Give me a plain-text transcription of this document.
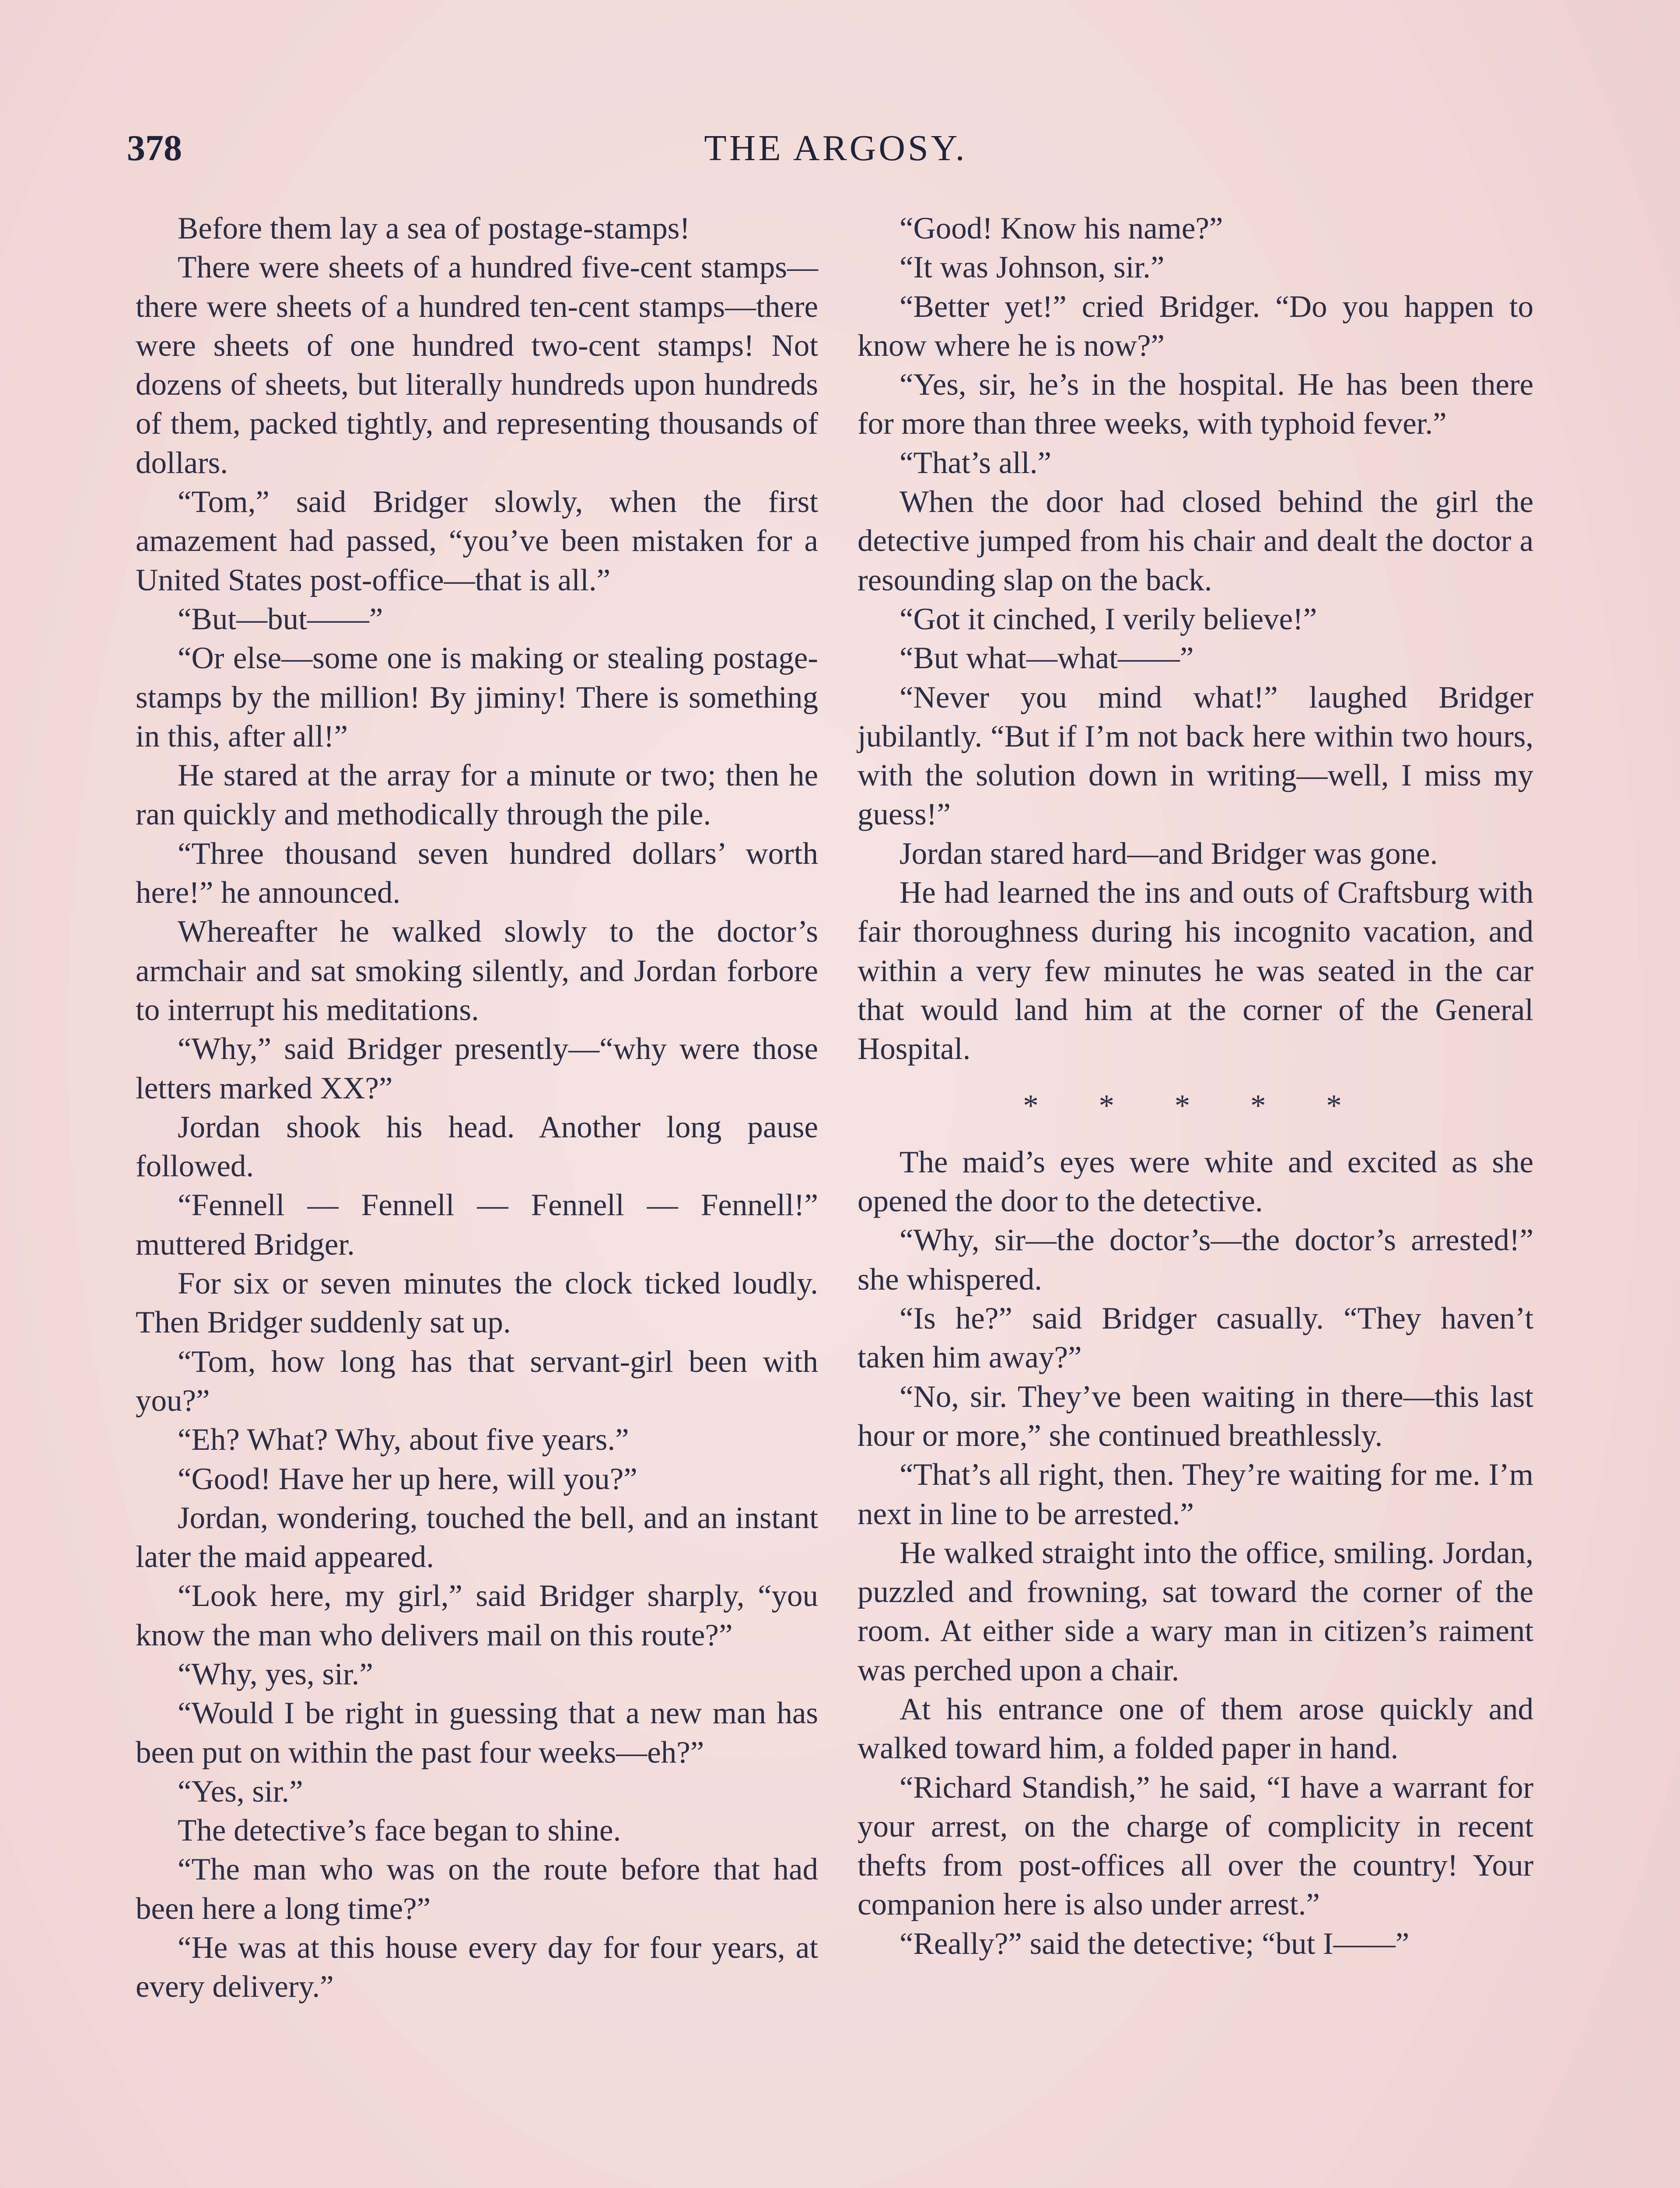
378	THE ARGOSY.

Before them lay a sea of postage-stamps!

There were sheets of a hundred five-cent stamps—there were sheets of a hundred ten-cent stamps—there were sheets of one hundred two-cent stamps! Not dozens of sheets, but literally hundreds upon hundreds of them, packed tightly, and representing thousands of dollars.

“Tom,” said Bridger slowly, when the first amazement had passed, “you’ve been mistaken for a United States post-office—that is all.”

“But—but——”

“Or else—some one is making or stealing postage-stamps by the million! By jiminy! There is something in this, after all!”

He stared at the array for a minute or two; then he ran quickly and methodically through the pile.

“Three thousand seven hundred dollars’ worth here!” he announced.

Whereafter he walked slowly to the doctor’s armchair and sat smoking silently, and Jordan forbore to interrupt his meditations.

“Why,” said Bridger presently—“why were those letters marked XX?”

Jordan shook his head. Another long pause followed.

“Fennell — Fennell — Fennell — Fennell!” muttered Bridger.

For six or seven minutes the clock ticked loudly. Then Bridger suddenly sat up.

“Tom, how long has that servant-girl been with you?”

“Eh? What? Why, about five years.”

“Good! Have her up here, will you?”

Jordan, wondering, touched the bell, and an instant later the maid appeared.

“Look here, my girl,” said Bridger sharply, “you know the man who delivers mail on this route?”

“Why, yes, sir.”

“Would I be right in guessing that a new man has been put on within the past four weeks—eh?”

“Yes, sir.”

The detective’s face began to shine.

“The man who was on the route before that had been here a long time?”

“He was at this house every day for four years, at every delivery.”

“Good! Know his name?”

“It was Johnson, sir.”

“Better yet!” cried Bridger. “Do you happen to know where he is now?”

“Yes, sir, he’s in the hospital. He has been there for more than three weeks, with typhoid fever.”

“That’s all.”

When the door had closed behind the girl the detective jumped from his chair and dealt the doctor a resounding slap on the back.

“Got it cinched, I verily believe!”

“But what—what——”

“Never you mind what!” laughed Bridger jubilantly. “But if I’m not back here within two hours, with the solution down in writing—well, I miss my guess!”

Jordan stared hard—and Bridger was gone.

He had learned the ins and outs of Craftsburg with fair thoroughness during his incognito vacation, and within a very few minutes he was seated in the car that would land him at the corner of the General Hospital.

* * * * *

The maid’s eyes were white and excited as she opened the door to the detective.

“Why, sir—the doctor’s—the doctor’s arrested!” she whispered.

“Is he?” said Bridger casually. “They haven’t taken him away?”

“No, sir. They’ve been waiting in there—this last hour or more,” she continued breathlessly.

“That’s all right, then. They’re waiting for me. I’m next in line to be arrested.”

He walked straight into the office, smiling. Jordan, puzzled and frowning, sat toward the corner of the room. At either side a wary man in citizen’s raiment was perched upon a chair.

At his entrance one of them arose quickly and walked toward him, a folded paper in hand.

“Richard Standish,” he said, “I have a warrant for your arrest, on the charge of complicity in recent thefts from post-offices all over the country! Your companion here is also under arrest.”

“Really?” said the detective; “but I——”
